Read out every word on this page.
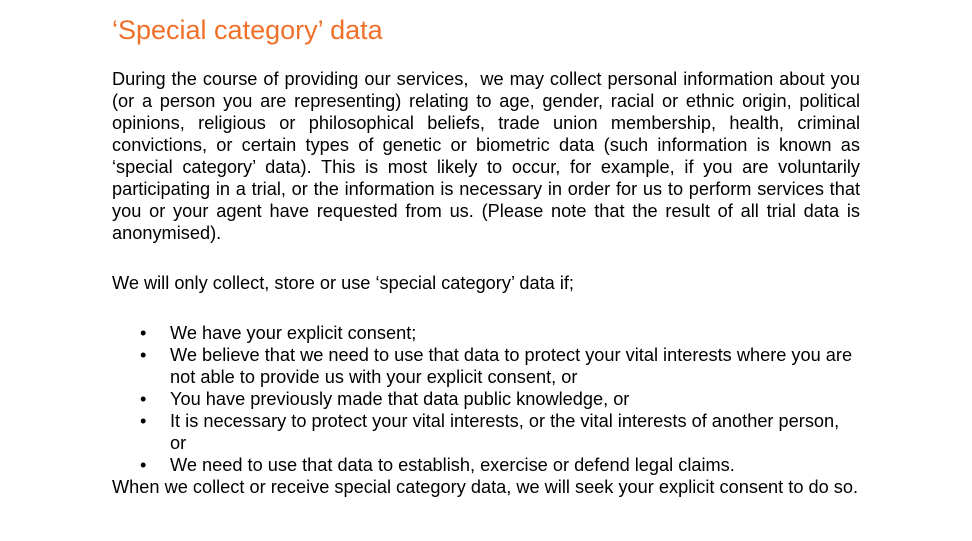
‘Special category’ data

During the course of providing our services,  we may collect personal information about you (or a person you are representing) relating to age, gender, racial or ethnic origin, political opinions, religious or philosophical beliefs, trade union membership, health, criminal convictions, or certain types of genetic or biometric data (such information is known as ‘special category’ data). This is most likely to occur, for example, if you are voluntarily participating in a trial, or the information is necessary in order for us to perform services that you or your agent have requested from us. (Please note that the result of all trial data is anonymised).

We will only collect, store or use ‘special category’ data if;

•	We have your explicit consent;
•	We believe that we need to use that data to protect your vital interests where you are not able to provide us with your explicit consent, or
•	You have previously made that data public knowledge, or
•	It is necessary to protect your vital interests, or the vital interests of another person, or
•	We need to use that data to establish, exercise or defend legal claims.

When we collect or receive special category data, we will seek your explicit consent to do so.
